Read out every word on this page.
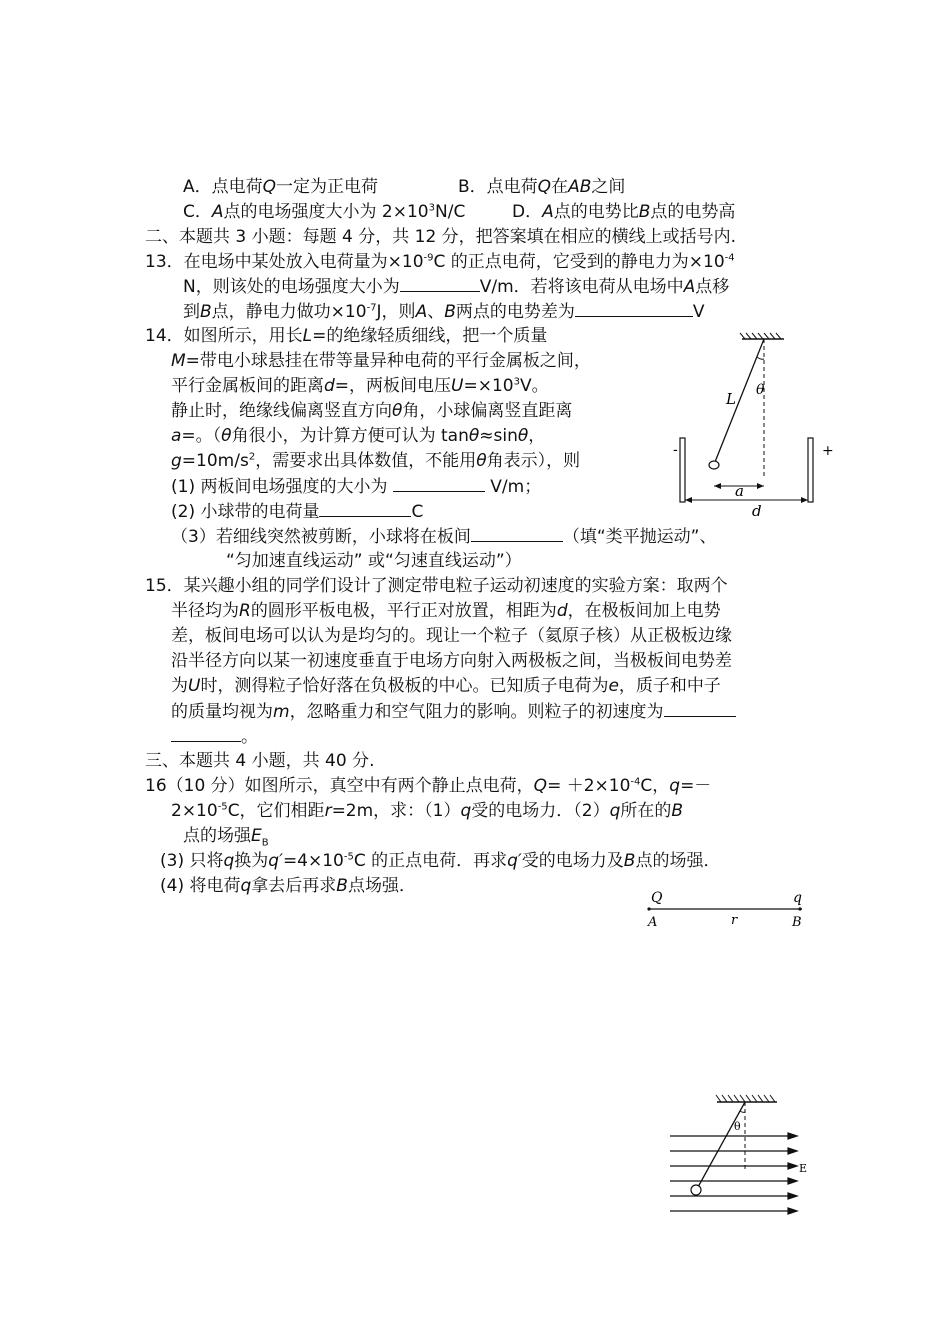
A．点电荷Q一定为正电荷	B．点电荷Q在AB之间
C．A点的电场强度大小为 $2\times 10^3N/C$	D．A点的电势比B点的电势高
二、本题共 3 小题：每题 4 分，共 12 分，把答案填在相应的横线上或括号内.
13．在电场中某处放入电荷量为$\times 10^{-9}C$ 的正点电荷，它受到的静电力为$\times 10^{-4}$
N，则该处的电场强度大小为	V/m．若将该电荷从电场中A点移
到B点，静电力做功$\times 10^{-7}J$，则A、B两点的电势差为	V
14．如图所示，用长L=的绝缘轻质细线，把一个质量
M=带电小球悬挂在带等量异种电荷的平行金属板之间，
平行金属板间的距离d=，两板间电压$U=\times 10^3V$。
静止时，绝缘线偏离竖直方向θ角，小球偏离竖直距离
a=。（θ角很小，为计算方便可认为 tanθ≈sinθ，
$g=10m/s^2$，需要求出具体数值，不能用θ角表示），则
(1) 两板间电场强度的大小为	V/m；
(2) 小球带的电荷量	C
（3）若细线突然被剪断，小球将在板间	（填“类平抛运动”、
“匀加速直线运动” 或“匀速直线运动”）
L θ
-	+
a
d
15．某兴趣小组的同学们设计了测定带电粒子运动初速度的实验方案：取两个
半径均为R的圆形平板电极，平行正对放置，相距为d，在极板间加上电势
差，板间电场可以认为是均匀的。现让一个粒子（氦原子核）从正极板边缘
沿半径方向以某一初速度垂直于电场方向射入两极板之间，当极板间电势差
为U时，测得粒子恰好落在负极板的中心。已知质子电荷为e，质子和中子
的质量均视为m，忽略重力和空气阻力的影响。则粒子的初速度为
。
三、本题共 4 小题，共 40 分.
16（10 分）如图所示，真空中有两个静止点电荷，$Q= +2\times 10^{-4}C$，q=－
$2\times 10^{-5}C$，它们相距r=2m，求：（1）q受的电场力．（2）q所在的B
点的场强$E_B$
(3) 只将q换为$q'=4\times 10^{-5}C$ 的正点电荷．再求q′受的电场力及B点的场强．
(4) 将电荷q拿去后再求B点场强．
Q	q
A	r	B
θ
E
